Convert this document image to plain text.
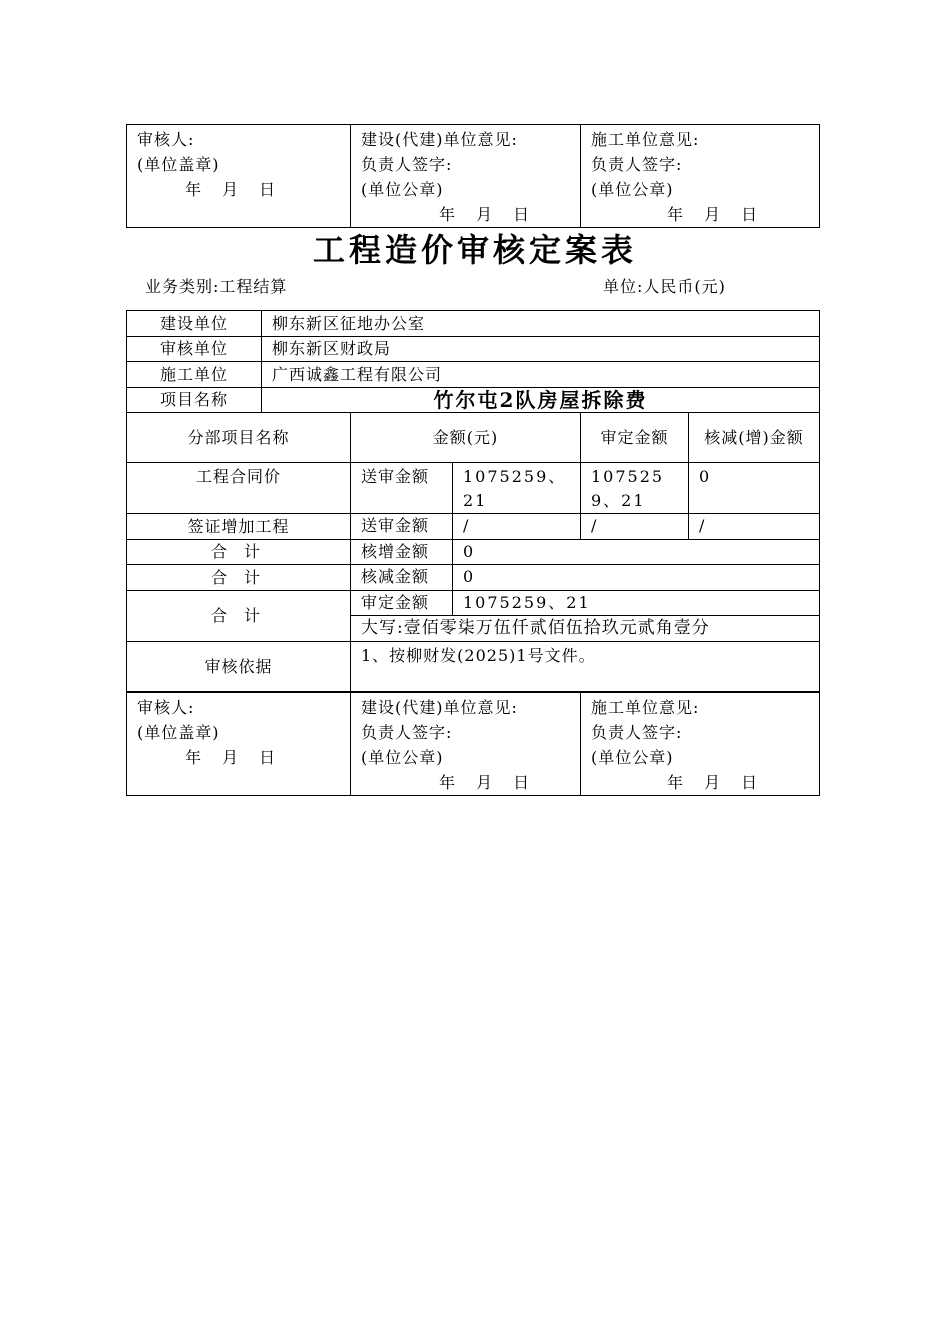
审核人:
(单位盖章)
年 月 日

建设(代建)单位意见:
负责人签字:
(单位公章)
年 月 日

施工单位意见:
负责人签字:
(单位公章)
年 月 日
工程造价审核定案表
业务类别:工程结算	单位:人民币(元)
建设单位	柳东新区征地办公室
审核单位	柳东新区财政局
施工单位	广西诚鑫工程有限公司
项目名称	竹尔屯2队房屋拆除费
分部项目名称	金额(元)		审定金额	核减(增)金额
工程合同价	送审金额	1075259、21	1075259、21	0
签证增加工程	送审金额	/	/	/
合 计	核增金额	0		
合 计	核减金额	0		
合 计	审定金额	1075259、21		
	大写:壹佰零柒万伍仟贰佰伍拾玖元贰角壹分			
审核依据	1、按柳财发(2025)1号文件。			
审核人:
(单位盖章)
年 月 日

建设(代建)单位意见:
负责人签字:
(单位公章)
年 月 日

施工单位意见:
负责人签字:
(单位公章)
年 月 日
